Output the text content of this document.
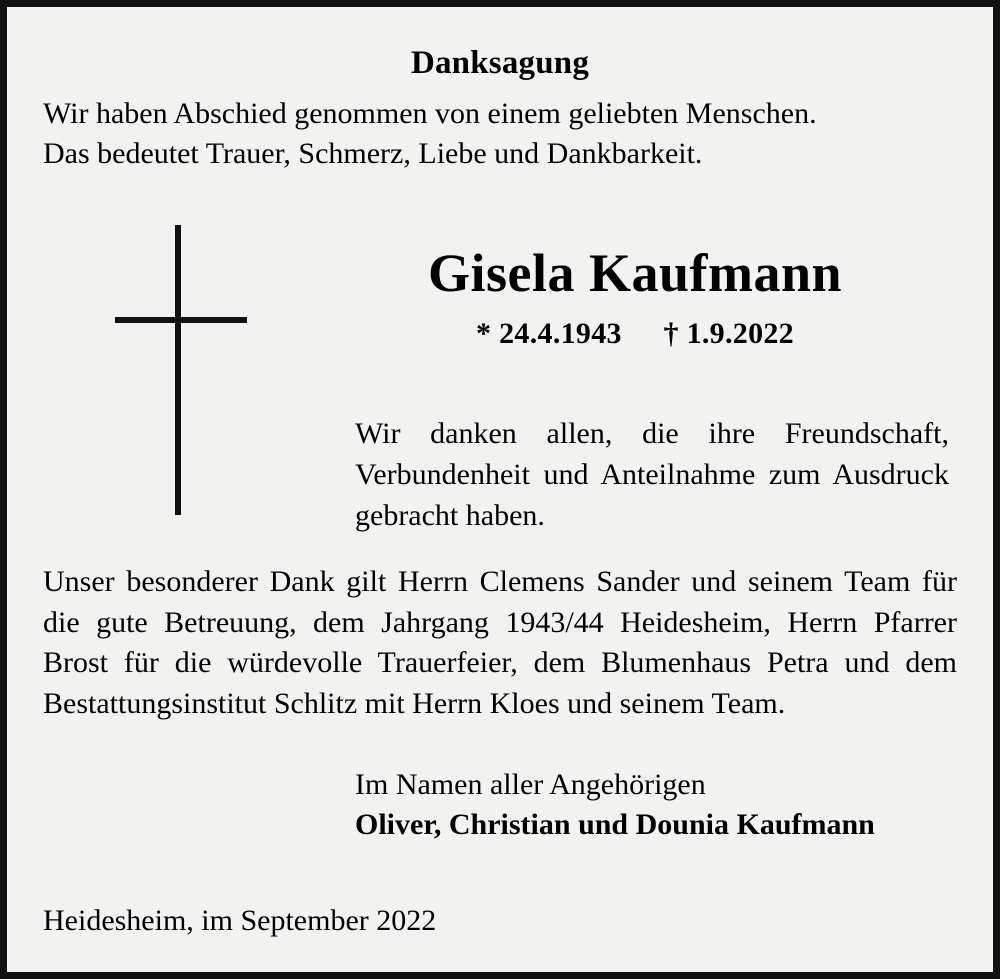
Danksagung
Wir haben Abschied genommen von einem geliebten Menschen.
Das bedeutet Trauer, Schmerz, Liebe und Dankbarkeit.
Gisela Kaufmann
* 24.4.1943 † 1.9.2022
Wir danken allen, die ihre Freundschaft, Verbundenheit und Anteilnahme zum Ausdruck gebracht haben.
Unser besonderer Dank gilt Herrn Clemens Sander und seinem Team für die gute Betreuung, dem Jahrgang 1943/44 Heidesheim, Herrn Pfarrer Brost für die würdevolle Trauerfeier, dem Blumenhaus Petra und dem Bestattungsinstitut Schlitz mit Herrn Kloes und seinem Team.
Im Namen aller Angehörigen
Oliver, Christian und Dounia Kaufmann
Heidesheim, im September 2022
